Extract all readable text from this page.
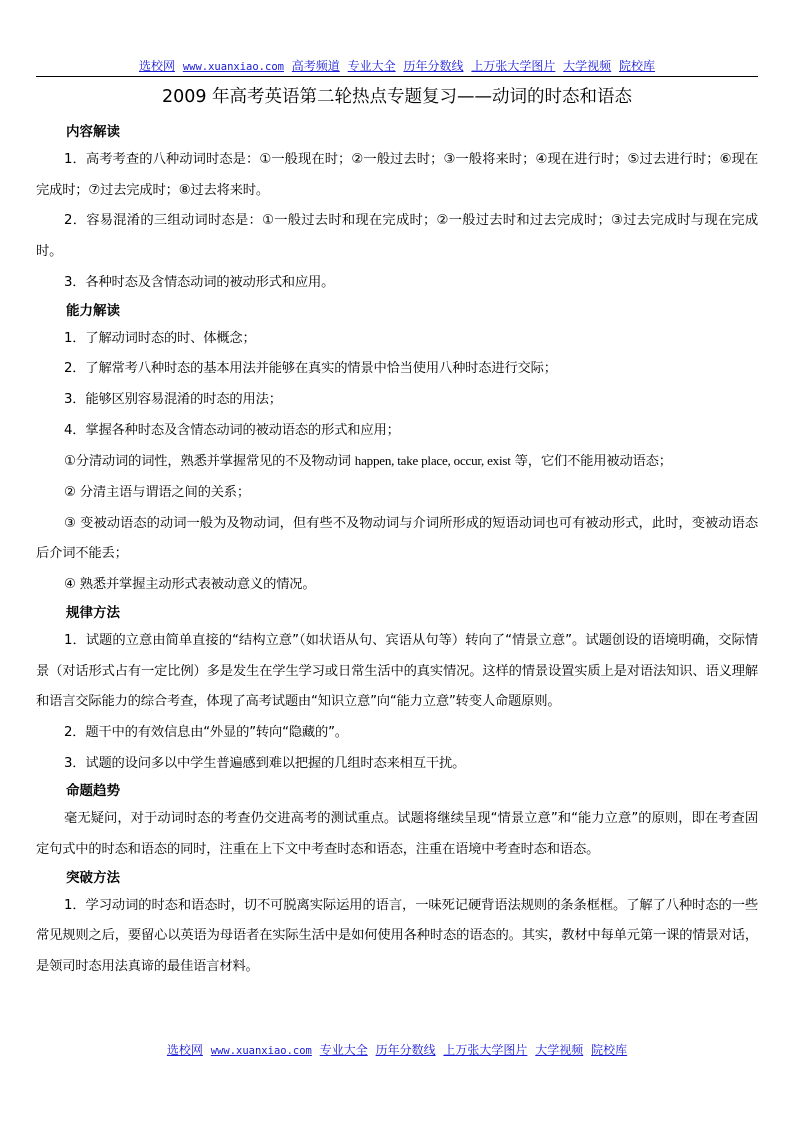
选校网 www.xuanxiao.com 高考频道 专业大全 历年分数线 上万张大学图片 大学视频 院校库
2009 年高考英语第二轮热点专题复习——动词的时态和语态

内容解读

1．高考考查的八种动词时态是：①一般现在时；②一般过去时；③一般将来时；④现在进行时；⑤过去进行时；⑥现在完成时；⑦过去完成时；⑧过去将来时。

2．容易混淆的三组动词时态是：①一般过去时和现在完成时；②一般过去时和过去完成时；③过去完成时与现在完成时。

3．各种时态及含情态动词的被动形式和应用。

能力解读

1．了解动词时态的时、体概念；

2．了解常考八种时态的基本用法并能够在真实的情景中恰当使用八种时态进行交际；

3．能够区别容易混淆的时态的用法；

4．掌握各种时态及含情态动词的被动语态的形式和应用；

①分清动词的词性，熟悉并掌握常见的不及物动词 happen, take place, occur, exist 等，它们不能用被动语态；

② 分清主语与谓语之间的关系；

③ 变被动语态的动词一般为及物动词，但有些不及物动词与介词所形成的短语动词也可有被动形式，此时，变被动语态后介词不能丢；

④ 熟悉并掌握主动形式表被动意义的情况。

规律方法

1．试题的立意由简单直接的“结构立意”（如状语从句、宾语从句等）转向了“情景立意”。试题创设的语境明确，交际情景（对话形式占有一定比例）多是发生在学生学习或日常生活中的真实情况。这样的情景设置实质上是对语法知识、语义理解和语言交际能力的综合考查，体现了高考试题由“知识立意”向“能力立意”转变人命题原则。

2．题干中的有效信息由“外显的”转向“隐藏的”。

3．试题的设问多以中学生普遍感到难以把握的几组时态来相互干扰。

命题趋势

毫无疑问，对于动词时态的考查仍交进高考的测试重点。试题将继续呈现“情景立意”和“能力立意”的原则，即在考查固定句式中的时态和语态的同时，注重在上下文中考查时态和语态，注重在语境中考查时态和语态。

突破方法

1．学习动词的时态和语态时，切不可脱离实际运用的语言，一味死记硬背语法规则的条条框框。了解了八种时态的一些常见规则之后，要留心以英语为母语者在实际生活中是如何使用各种时态的语态的。其实，教材中每单元第一课的情景对话，是领司时态用法真谛的最佳语言材料。

选校网 www.xuanxiao.com 专业大全 历年分数线 上万张大学图片 大学视频 院校库
